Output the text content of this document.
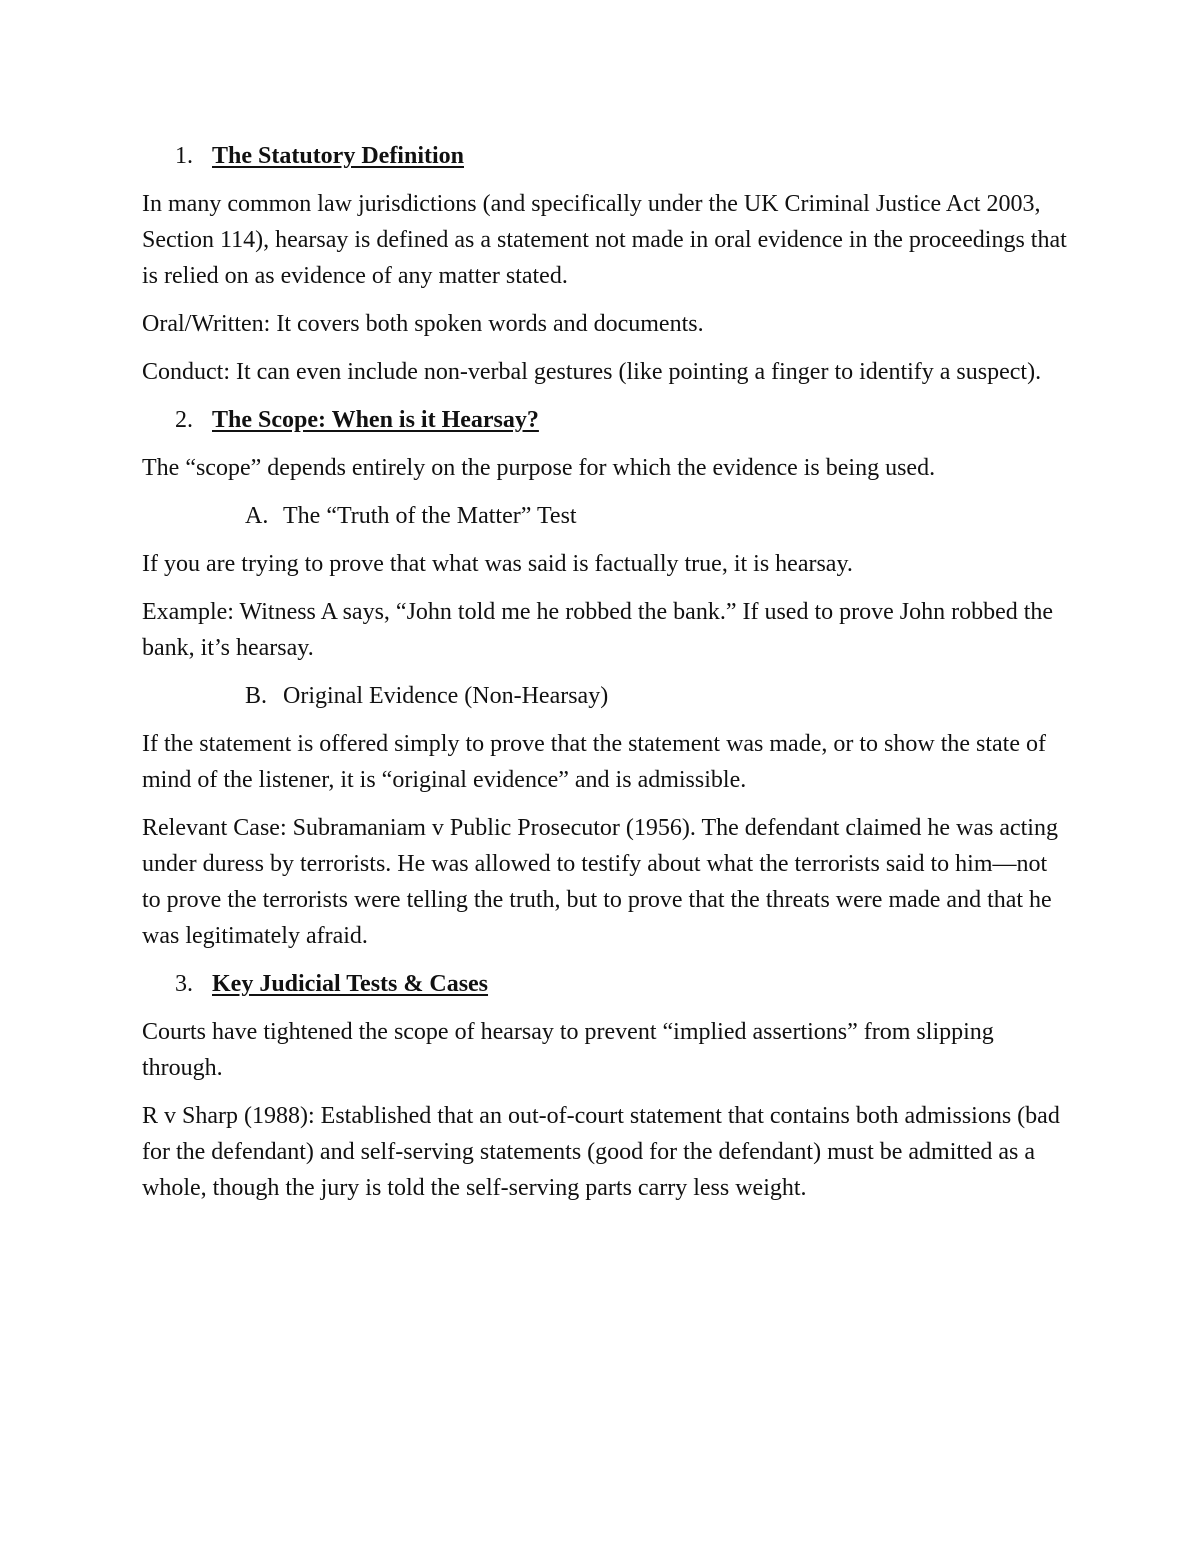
1. The Statutory Definition

In many common law jurisdictions (and specifically under the UK Criminal Justice Act 2003, Section 114), hearsay is defined as a statement not made in oral evidence in the proceedings that is relied on as evidence of any matter stated.

Oral/Written: It covers both spoken words and documents.

Conduct: It can even include non-verbal gestures (like pointing a finger to identify a suspect).

2. The Scope: When is it Hearsay?

The “scope” depends entirely on the purpose for which the evidence is being used.

A. The “Truth of the Matter” Test

If you are trying to prove that what was said is factually true, it is hearsay.

Example: Witness A says, “John told me he robbed the bank.” If used to prove John robbed the bank, it’s hearsay.

B. Original Evidence (Non-Hearsay)

If the statement is offered simply to prove that the statement was made, or to show the state of mind of the listener, it is “original evidence” and is admissible.

Relevant Case: Subramaniam v Public Prosecutor (1956). The defendant claimed he was acting under duress by terrorists. He was allowed to testify about what the terrorists said to him—not to prove the terrorists were telling the truth, but to prove that the threats were made and that he was legitimately afraid.

3. Key Judicial Tests & Cases

Courts have tightened the scope of hearsay to prevent “implied assertions” from slipping through.

R v Sharp (1988): Established that an out-of-court statement that contains both admissions (bad for the defendant) and self-serving statements (good for the defendant) must be admitted as a whole, though the jury is told the self-serving parts carry less weight.
